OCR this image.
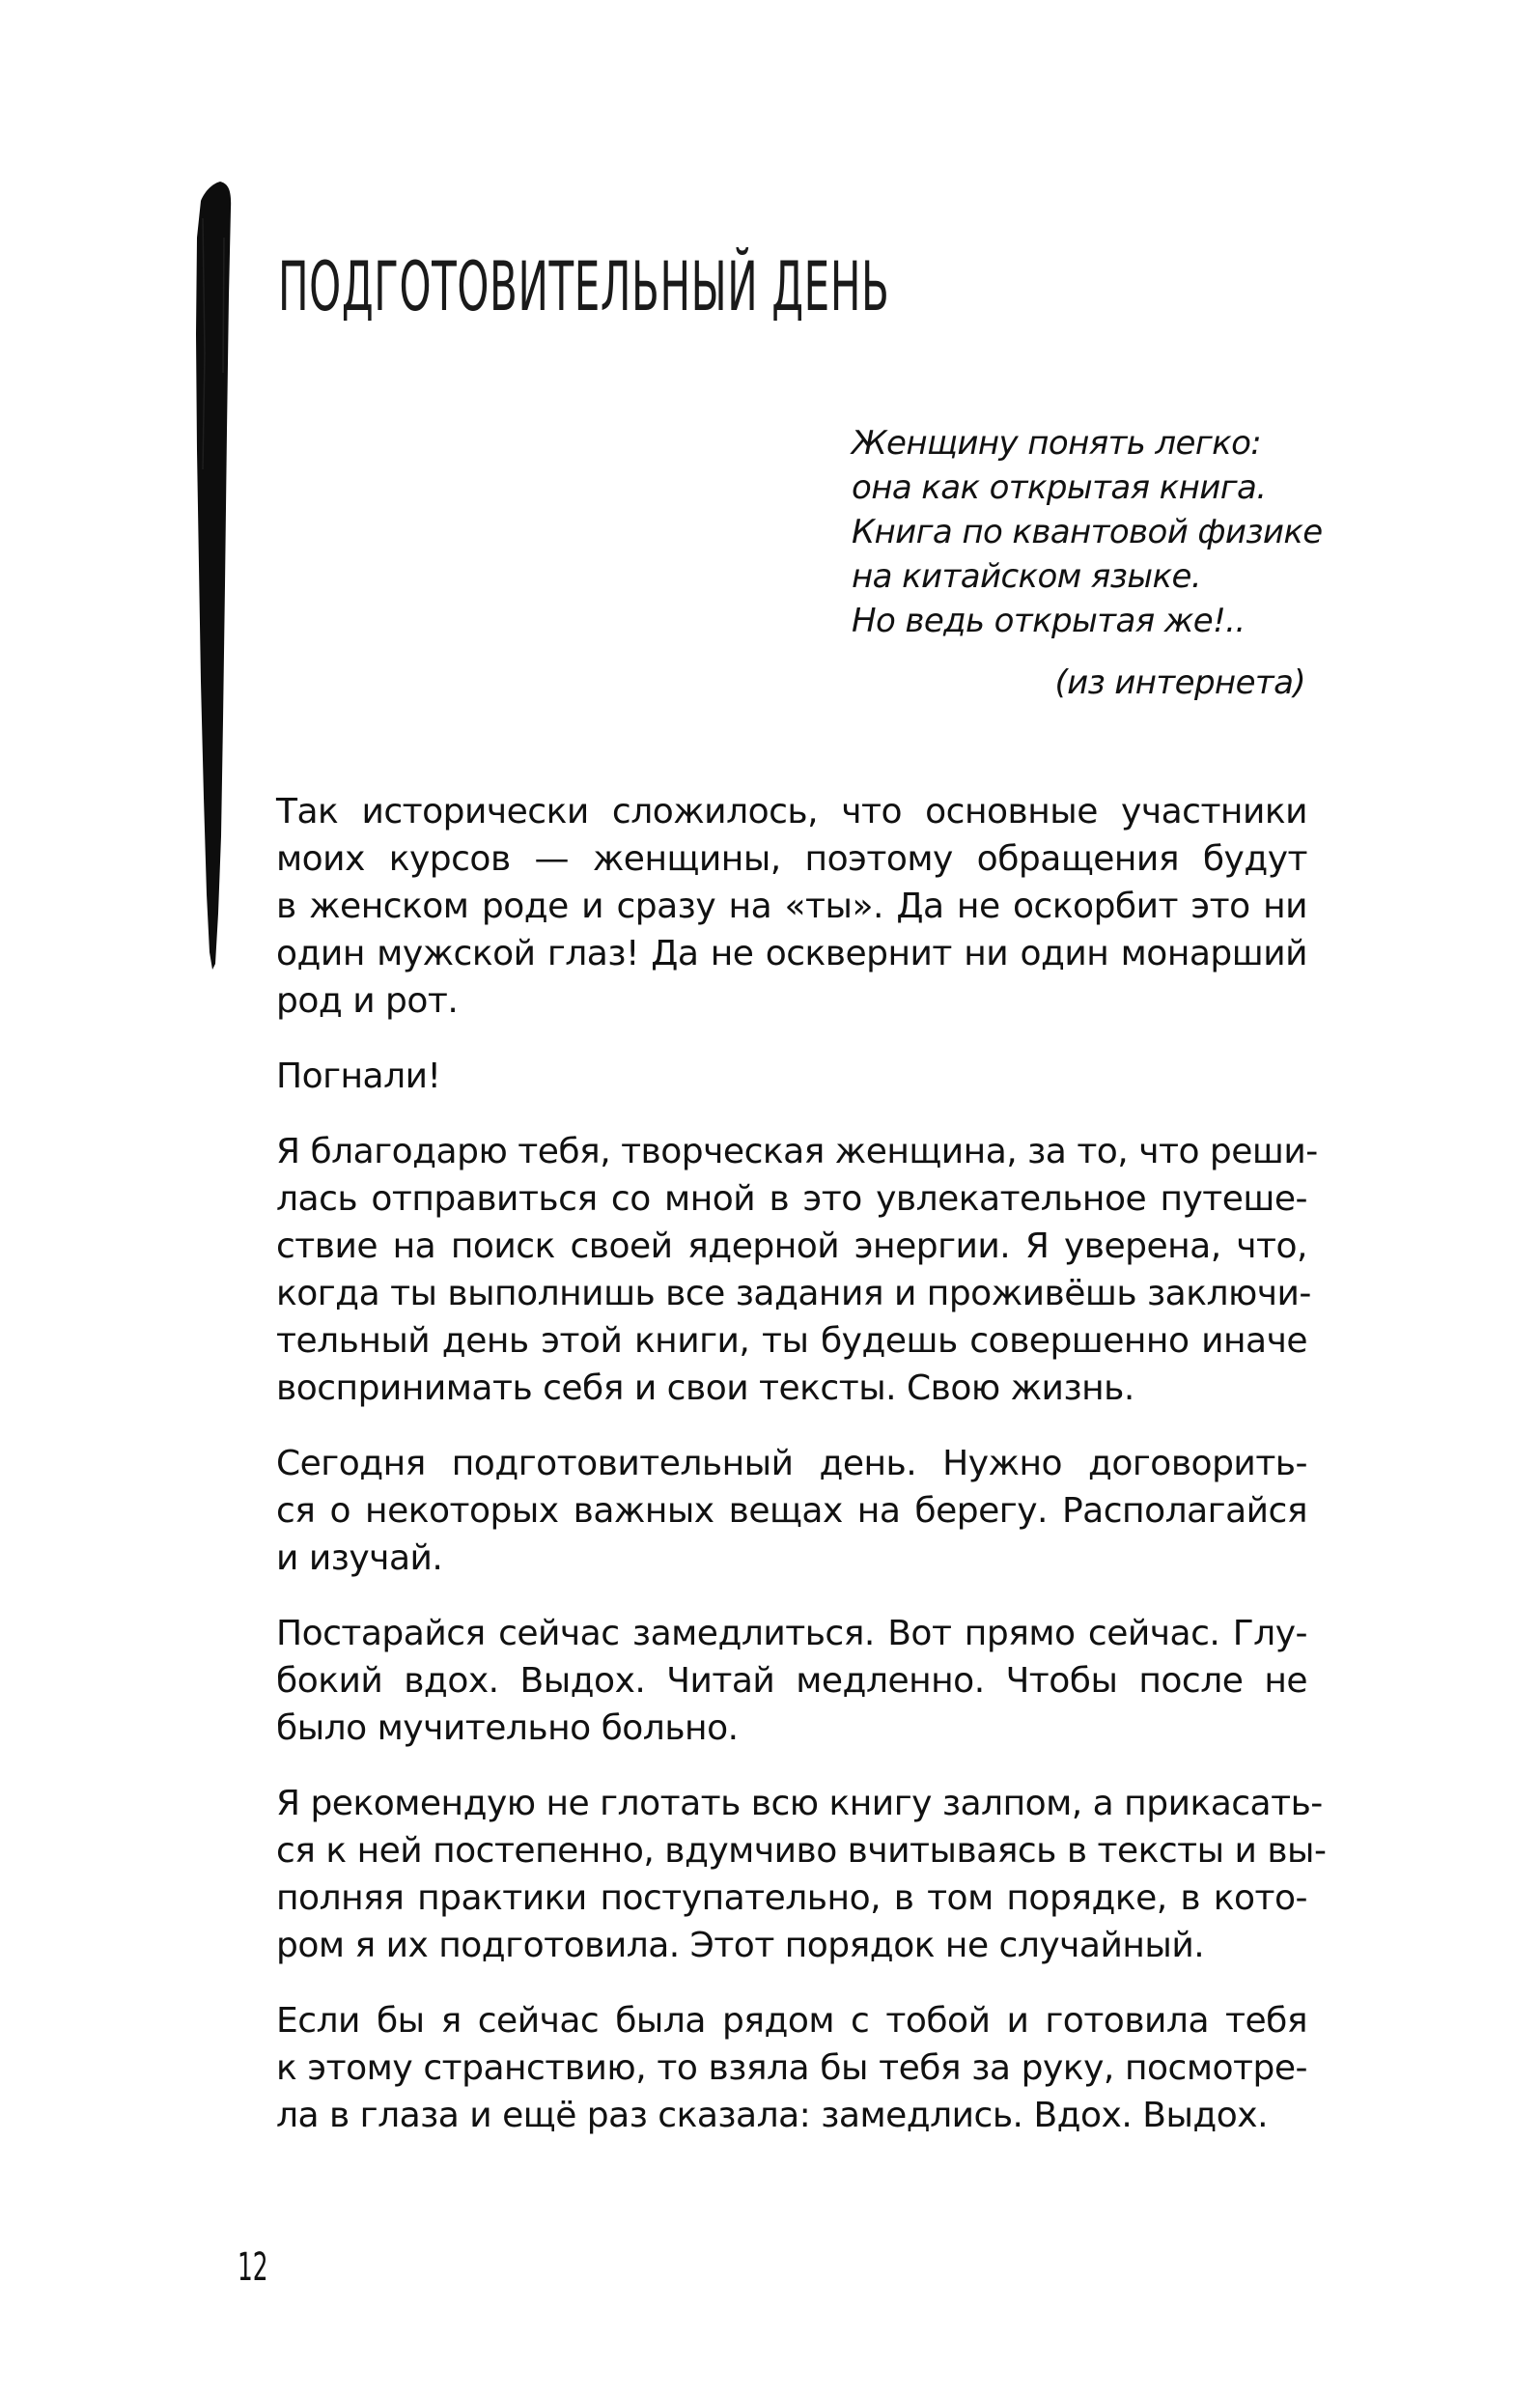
ПОДГОТОВИТЕЛЬНЫЙ ДЕНЬ
Женщину понять легко:
она как открытая книга.
Книга по квантовой физике
на китайском языке.
Но ведь открытая же!..
(из интернета)

Так исторически сложилось, что основные участники
моих курсов — женщины, поэтому обращения будут
в женском роде и сразу на «ты». Да не оскорбит это ни
один мужской глаз! Да не осквернит ни один монарший
род и рот.

Погнали!

Я благодарю тебя, творческая женщина, за то, что реши-
лась отправиться со мной в это увлекательное путеше-
ствие на поиск своей ядерной энергии. Я уверена, что,
когда ты выполнишь все задания и проживёшь заключи-
тельный день этой книги, ты будешь совершенно иначе
воспринимать себя и свои тексты. Свою жизнь.

Сегодня подготовительный день. Нужно договорить-
ся о некоторых важных вещах на берегу. Располагайся
и изучай.

Постарайся сейчас замедлиться. Вот прямо сейчас. Глу-
бокий вдох. Выдох. Читай медленно. Чтобы после не
было мучительно больно.

Я рекомендую не глотать всю книгу залпом, а прикасать-
ся к ней постепенно, вдумчиво вчитываясь в тексты и вы-
полняя практики поступательно, в том порядке, в кото-
ром я их подготовила. Этот порядок не случайный.

Если бы я сейчас была рядом с тобой и готовила тебя
к этому странствию, то взяла бы тебя за руку, посмотре-
ла в глаза и ещё раз сказала: замедлись. Вдох. Выдох.

12
